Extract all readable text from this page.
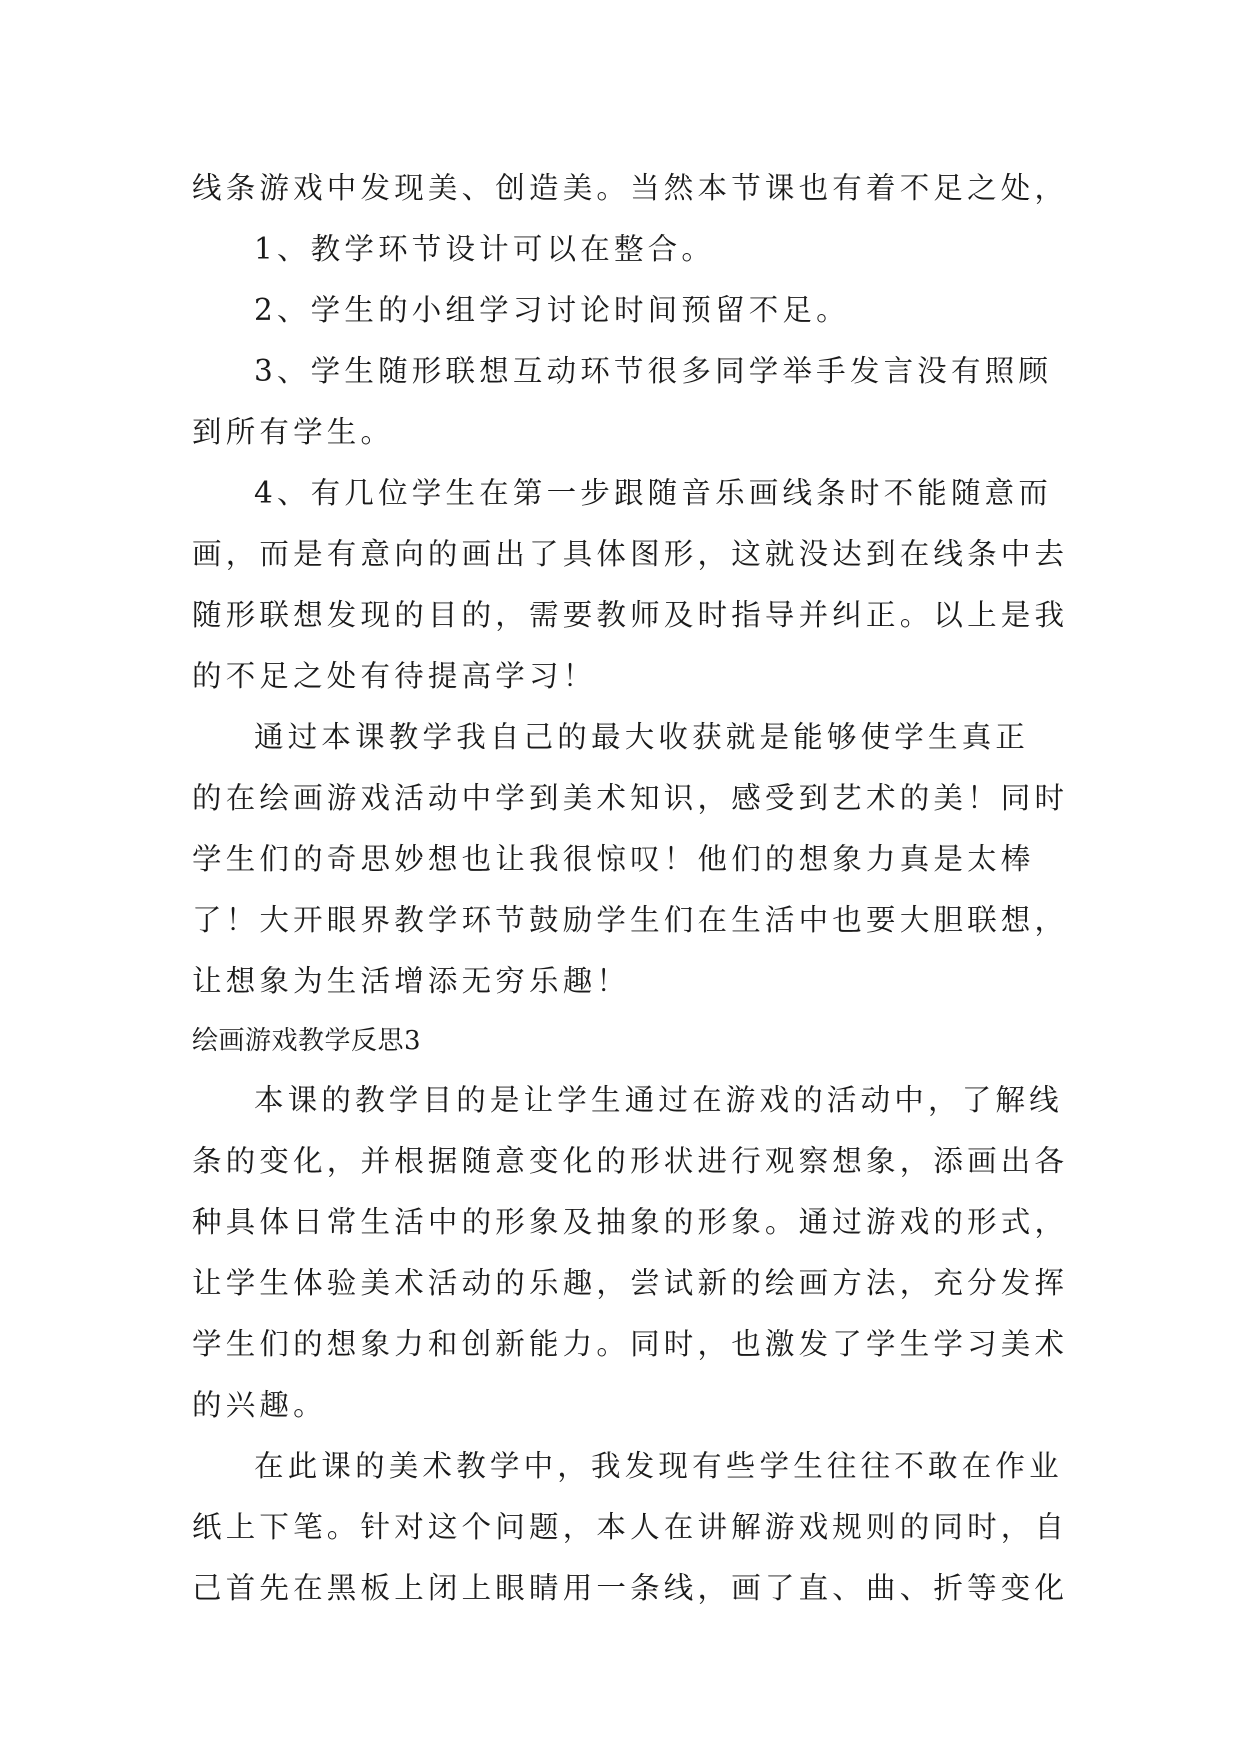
线条游戏中发现美、创造美。当然本节课也有着不足之处，
1、教学环节设计可以在整合。
2、学生的小组学习讨论时间预留不足。
3、学生随形联想互动环节很多同学举手发言没有照顾
到所有学生。
4、有几位学生在第一步跟随音乐画线条时不能随意而
画，而是有意向的画出了具体图形，这就没达到在线条中去
随形联想发现的目的，需要教师及时指导并纠正。以上是我
的不足之处有待提高学习！
通过本课教学我自己的最大收获就是能够使学生真正
的在绘画游戏活动中学到美术知识，感受到艺术的美！同时
学生们的奇思妙想也让我很惊叹！他们的想象力真是太棒
了！大开眼界教学环节鼓励学生们在生活中也要大胆联想，
让想象为生活增添无穷乐趣！
绘画游戏教学反思3
本课的教学目的是让学生通过在游戏的活动中，了解线
条的变化，并根据随意变化的形状进行观察想象，添画出各
种具体日常生活中的形象及抽象的形象。通过游戏的形式，
让学生体验美术活动的乐趣，尝试新的绘画方法，充分发挥
学生们的想象力和创新能力。同时，也激发了学生学习美术
的兴趣。
在此课的美术教学中，我发现有些学生往往不敢在作业
纸上下笔。针对这个问题，本人在讲解游戏规则的同时，自
己首先在黑板上闭上眼睛用一条线，画了直、曲、折等变化
